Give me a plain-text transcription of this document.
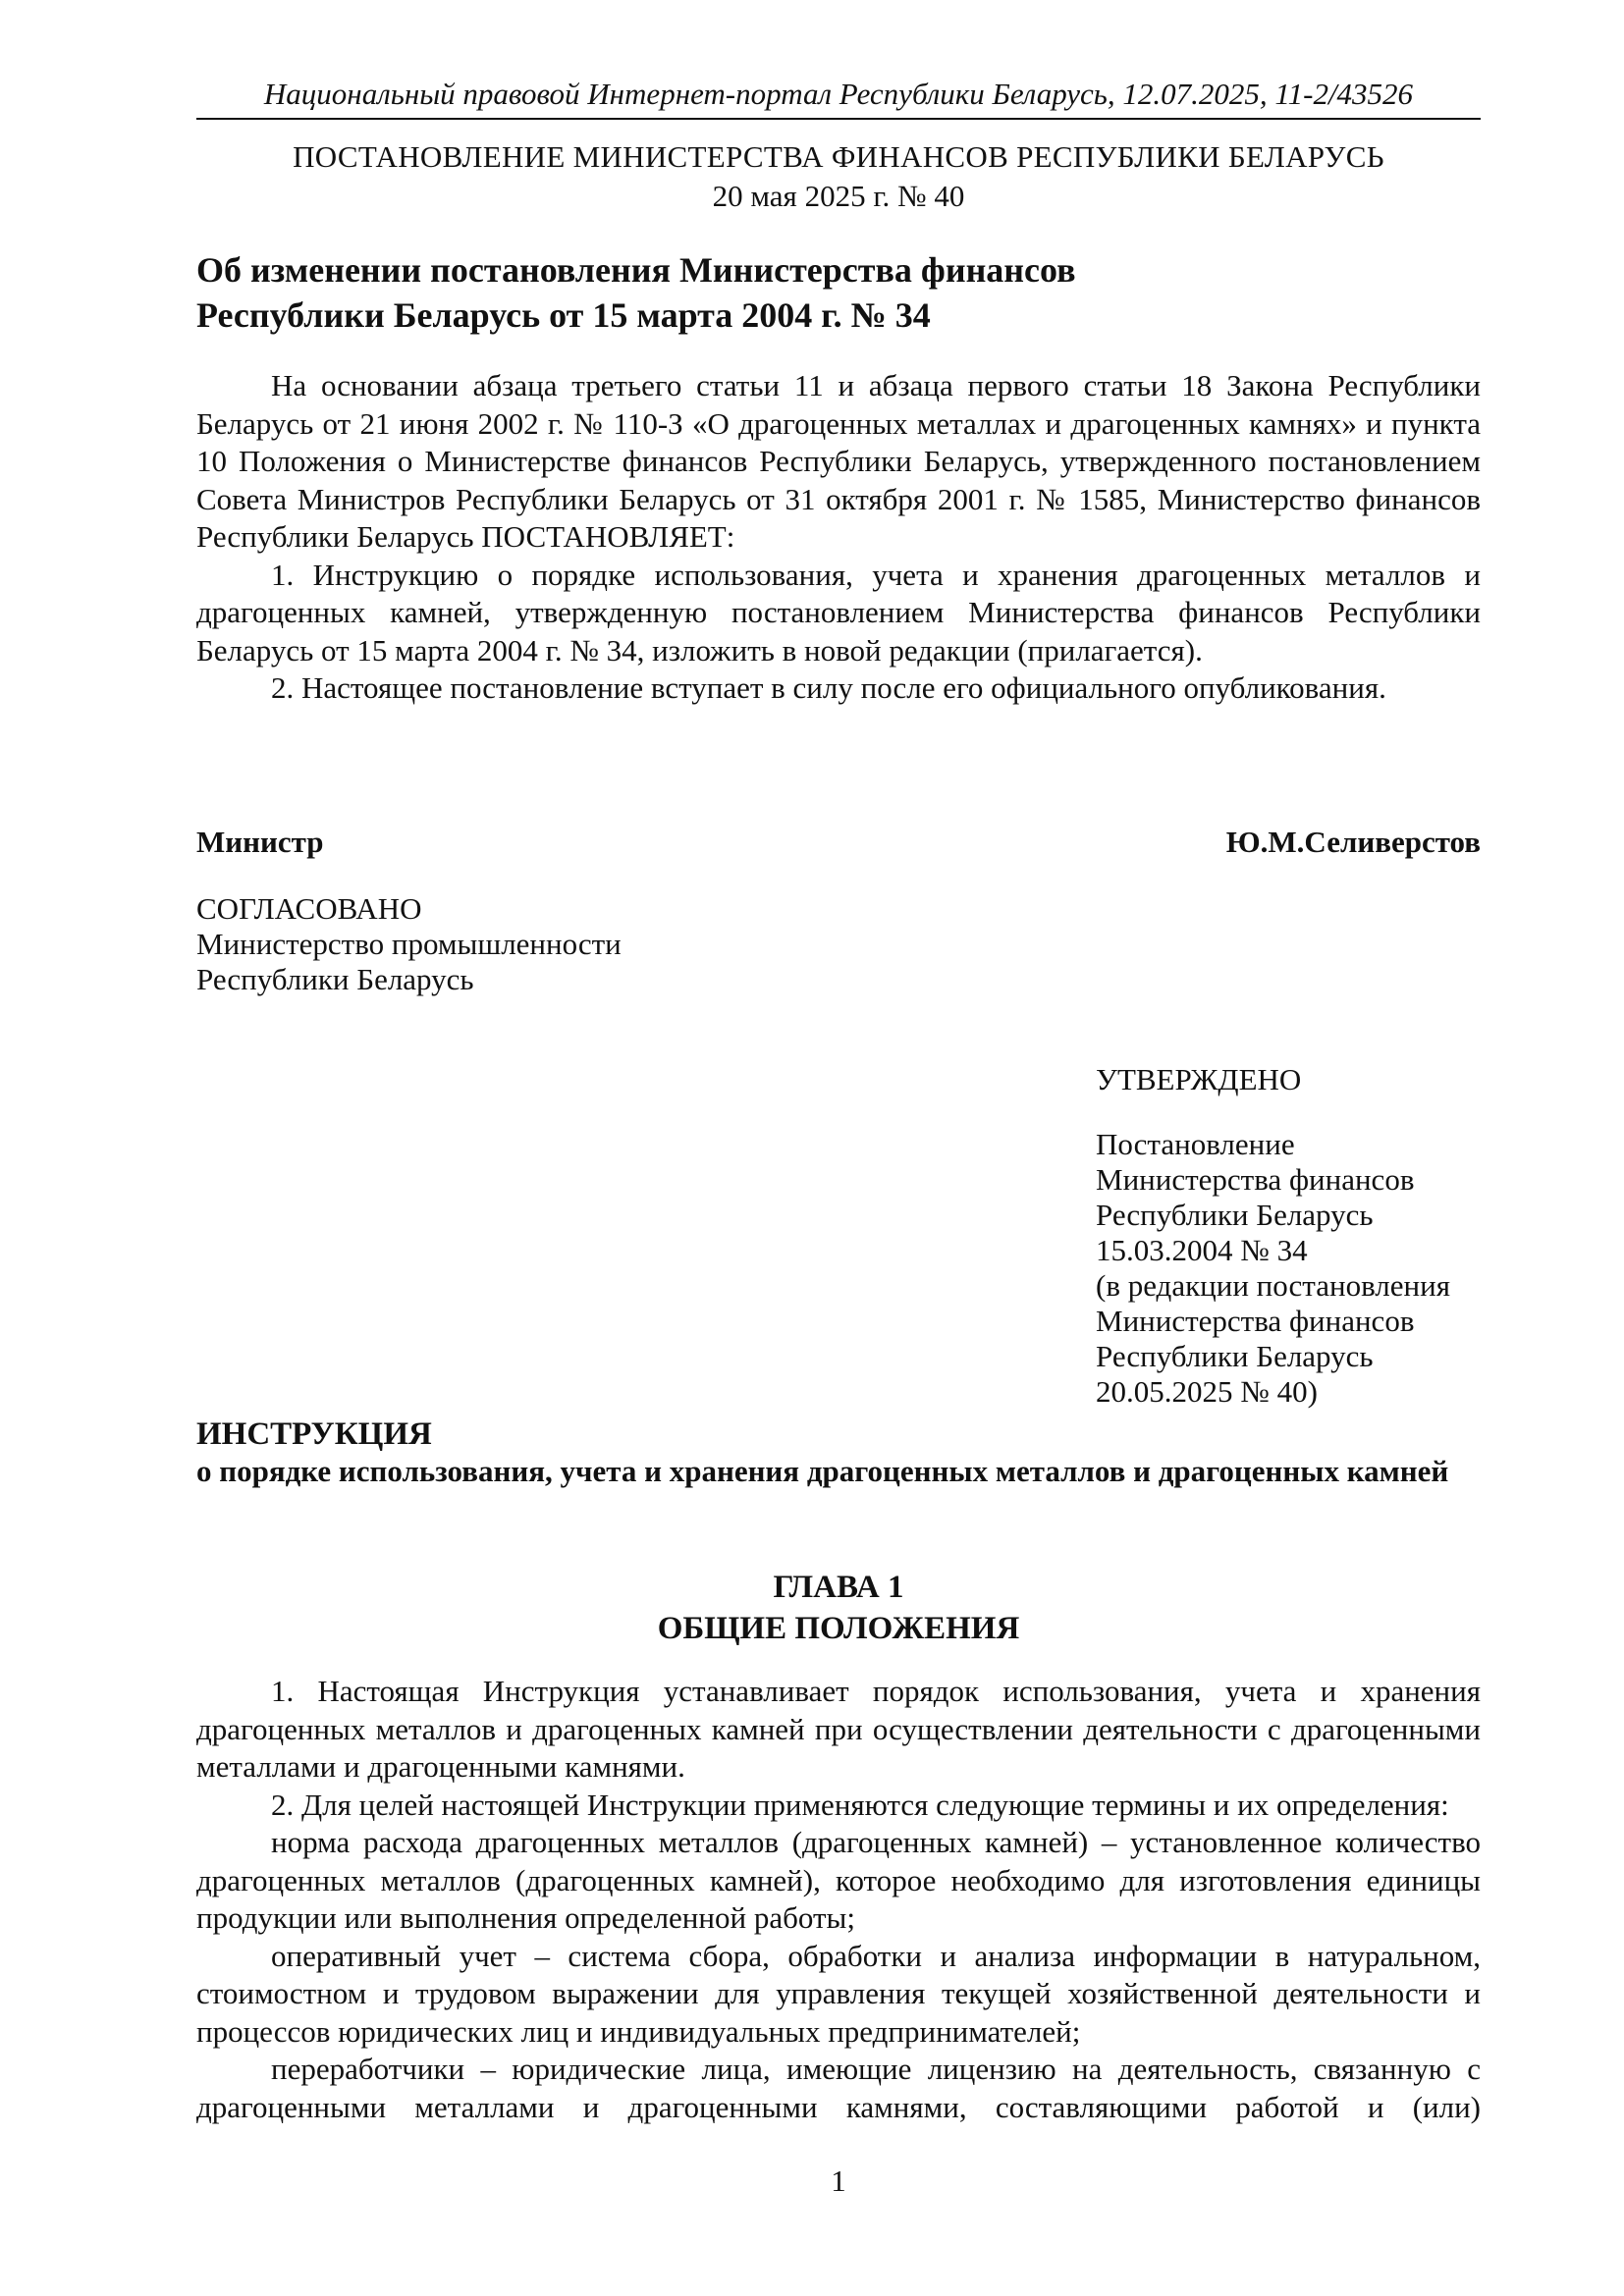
Национальный правовой Интернет-портал Республики Беларусь, 12.07.2025, 11-2/43526
ПОСТАНОВЛЕНИЕ МИНИСТЕРСТВА ФИНАНСОВ РЕСПУБЛИКИ БЕЛАРУСЬ
20 мая 2025 г. № 40
Об изменении постановления Министерства финансов
Республики Беларусь от 15 марта 2004 г. № 34

На основании абзаца третьего статьи 11 и абзаца первого статьи 18 Закона Республики Беларусь от 21 июня 2002 г. № 110-З «О драгоценных металлах и драгоценных камнях» и пункта 10 Положения о Министерстве финансов Республики Беларусь, утвержденного постановлением Совета Министров Республики Беларусь от 31 октября 2001 г. № 1585, Министерство финансов Республики Беларусь ПОСТАНОВЛЯЕТ:

1. Инструкцию о порядке использования, учета и хранения драгоценных металлов и драгоценных камней, утвержденную постановлением Министерства финансов Республики Беларусь от 15 марта 2004 г. № 34, изложить в новой редакции (прилагается).

2. Настоящее постановление вступает в силу после его официального опубликования.

Министр	Ю.М.Селиверстов
СОГЛАСОВАНО
Министерство промышленности
Республики Беларусь
УТВЕРЖДЕНО
Постановление
Министерства финансов
Республики Беларусь
15.03.2004 № 34
(в редакции постановления
Министерства финансов
Республики Беларусь
20.05.2025 № 40)
ИНСТРУКЦИЯ
о порядке использования, учета и хранения драгоценных металлов и драгоценных камней
ГЛАВА 1
ОБЩИЕ ПОЛОЖЕНИЯ

1. Настоящая Инструкция устанавливает порядок использования, учета и хранения драгоценных металлов и драгоценных камней при осуществлении деятельности с драгоценными металлами и драгоценными камнями.

2. Для целей настоящей Инструкции применяются следующие термины и их определения:

норма расхода драгоценных металлов (драгоценных камней) – установленное количество драгоценных металлов (драгоценных камней), которое необходимо для изготовления единицы продукции или выполнения определенной работы;

оперативный учет – система сбора, обработки и анализа информации в натуральном, стоимостном и трудовом выражении для управления текущей хозяйственной деятельности и процессов юридических лиц и индивидуальных предпринимателей;

переработчики – юридические лица, имеющие лицензию на деятельность, связанную с драгоценными металлами и драгоценными камнями, составляющими работой и (или)

1
